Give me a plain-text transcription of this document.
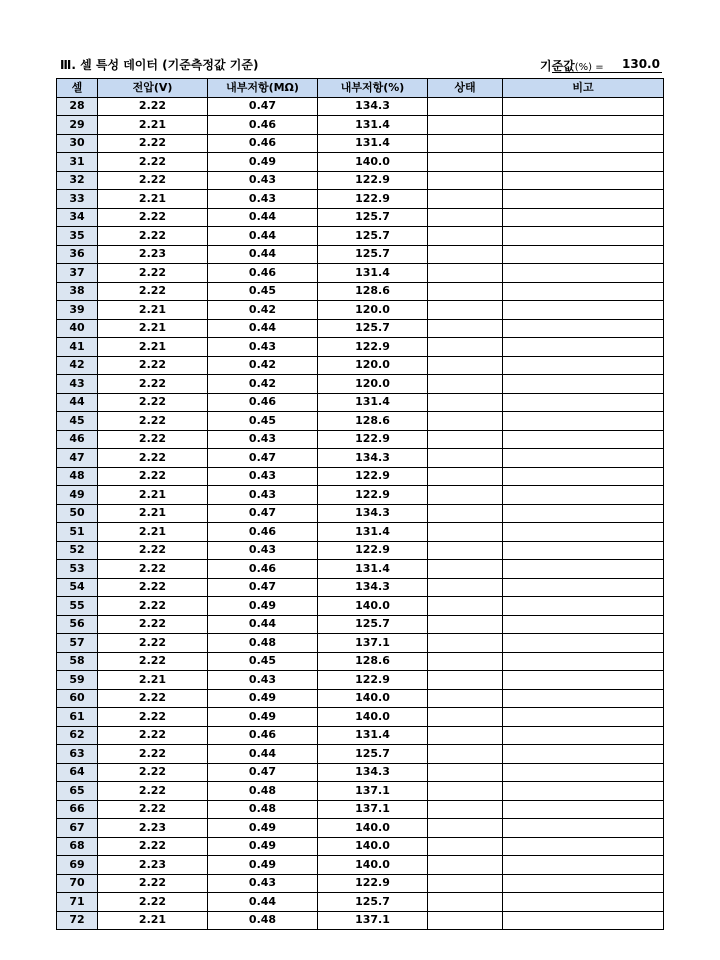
Ⅲ. 셀 특성 데이터 (기준측정값 기준)	기준값(%) = 130.0
셀	전압(V)	내부저항(MΩ)	내부저항(%)	상태	비고
28	2.22	0.47	134.3		
29	2.21	0.46	131.4		
30	2.22	0.46	131.4		
31	2.22	0.49	140.0		
32	2.22	0.43	122.9		
33	2.21	0.43	122.9		
34	2.22	0.44	125.7		
35	2.22	0.44	125.7		
36	2.23	0.44	125.7		
37	2.22	0.46	131.4		
38	2.22	0.45	128.6		
39	2.21	0.42	120.0		
40	2.21	0.44	125.7		
41	2.21	0.43	122.9		
42	2.22	0.42	120.0		
43	2.22	0.42	120.0		
44	2.22	0.46	131.4		
45	2.22	0.45	128.6		
46	2.22	0.43	122.9		
47	2.22	0.47	134.3		
48	2.22	0.43	122.9		
49	2.21	0.43	122.9		
50	2.21	0.47	134.3		
51	2.21	0.46	131.4		
52	2.22	0.43	122.9		
53	2.22	0.46	131.4		
54	2.22	0.47	134.3		
55	2.22	0.49	140.0		
56	2.22	0.44	125.7		
57	2.22	0.48	137.1		
58	2.22	0.45	128.6		
59	2.21	0.43	122.9		
60	2.22	0.49	140.0		
61	2.22	0.49	140.0		
62	2.22	0.46	131.4		
63	2.22	0.44	125.7		
64	2.22	0.47	134.3		
65	2.22	0.48	137.1		
66	2.22	0.48	137.1		
67	2.23	0.49	140.0		
68	2.22	0.49	140.0		
69	2.23	0.49	140.0		
70	2.22	0.43	122.9		
71	2.22	0.44	125.7		
72	2.21	0.48	137.1		
